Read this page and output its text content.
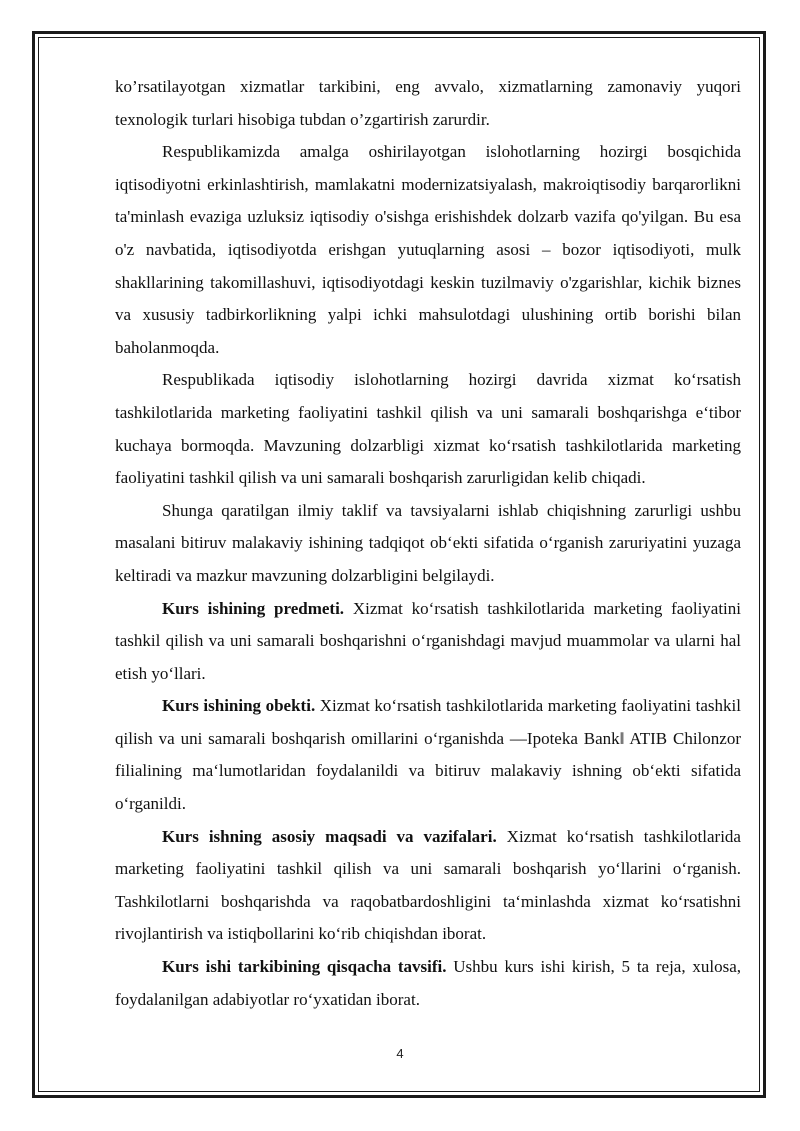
ko’rsatilayotgan xizmatlar tarkibini, eng avvalo, xizmatlarning zamonaviy yuqori texnologik turlari hisobiga tubdan o’zgartirish zarurdir.

Respublikamizda amalga oshirilayotgan islohotlarning hozirgi bosqichida iqtisodiyotni erkinlashtirish, mamlakatni modernizatsiyalash, makroiqtisodiy barqarorlikni ta'minlash evaziga uzluksiz iqtisodiy o'sishga erishishdek dolzarb vazifa qo'yilgan. Bu esa o'z navbatida, iqtisodiyotda erishgan yutuqlarning asosi – bozor iqtisodiyoti, mulk shakllarining takomillashuvi, iqtisodiyotdagi keskin tuzilmaviy o'zgarishlar, kichik biznes va xususiy tadbirkorlikning yalpi ichki mahsulotdagi ulushining ortib borishi bilan baholanmoqda.

Respublikada iqtisodiy islohotlarning hozirgi davrida xizmat ko‘rsatish tashkilotlarida marketing faoliyatini tashkil qilish va uni samarali boshqarishga e‘tibor kuchaya bormoqda. Mavzuning dolzarbligi xizmat ko‘rsatish tashkilotlarida marketing faoliyatini tashkil qilish va uni samarali boshqarish zarurligidan kelib chiqadi.

Shunga qaratilgan ilmiy taklif va tavsiyalarni ishlab chiqishning zarurligi ushbu masalani bitiruv malakaviy ishining tadqiqot ob‘ekti sifatida o‘rganish zaruriyatini yuzaga keltiradi va mazkur mavzuning dolzarbligini belgilaydi.

Kurs ishining predmeti. Xizmat ko‘rsatish tashkilotlarida marketing faoliyatini tashkil qilish va uni samarali boshqarishni o‘rganishdagi mavjud muammolar va ularni hal etish yo‘llari.

Kurs ishining obekti. Xizmat ko‘rsatish tashkilotlarida marketing faoliyatini tashkil qilish va uni samarali boshqarish omillarini o‘rganishda ―Ipoteka Bank‖ ATIB Chilonzor filialining ma‘lumotlaridan foydalanildi va bitiruv malakaviy ishning ob‘ekti sifatida o‘rganildi.

Kurs ishning asosiy maqsadi va vazifalari. Xizmat ko‘rsatish tashkilotlarida marketing faoliyatini tashkil qilish va uni samarali boshqarish yo‘llarini o‘rganish. Tashkilotlarni boshqarishda va raqobatbardoshligini ta‘minlashda xizmat ko‘rsatishni rivojlantirish va istiqbollarini ko‘rib chiqishdan iborat.

Kurs ishi tarkibining qisqacha tavsifi. Ushbu kurs ishi kirish, 5 ta reja, xulosa, foydalanilgan adabiyotlar ro‘yxatidan iborat.

4
